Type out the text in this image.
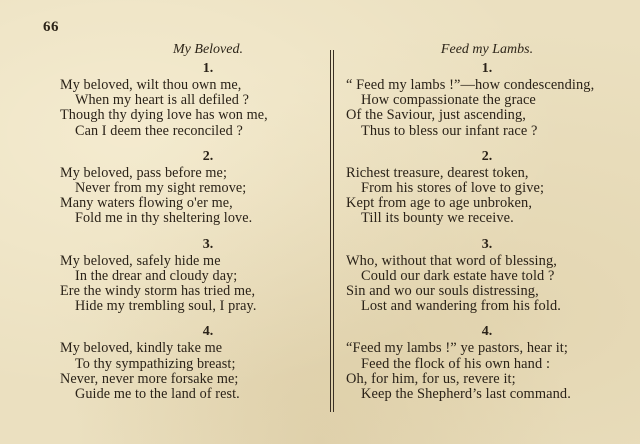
66
My Beloved.
1.
My beloved, wilt thou own me,
When my heart is all defiled ?
Though thy dying love has won me,
Can I deem thee reconciled ?
2.
My beloved, pass before me;
Never from my sight remove;
Many waters flowing o'er me,
Fold me in thy sheltering love.
3.
My beloved, safely hide me
In the drear and cloudy day;
Ere the windy storm has tried me,
Hide my trembling soul, I pray.
4.
My beloved, kindly take me
To thy sympathizing breast;
Never, never more forsake me;
Guide me to the land of rest.
Feed my Lambs.
1.
“ Feed my lambs !”—how condescending,
How compassionate the grace
Of the Saviour, just ascending,
Thus to bless our infant race ?
2.
Richest treasure, dearest token,
From his stores of love to give;
Kept from age to age unbroken,
Till its bounty we receive.
3.
Who, without that word of blessing,
Could our dark estate have told ?
Sin and wo our souls distressing,
Lost and wandering from his fold.
4.
“Feed my lambs !” ye pastors, hear it;
Feed the flock of his own hand :
Oh, for him, for us, revere it;
Keep the Shepherd’s last command.
